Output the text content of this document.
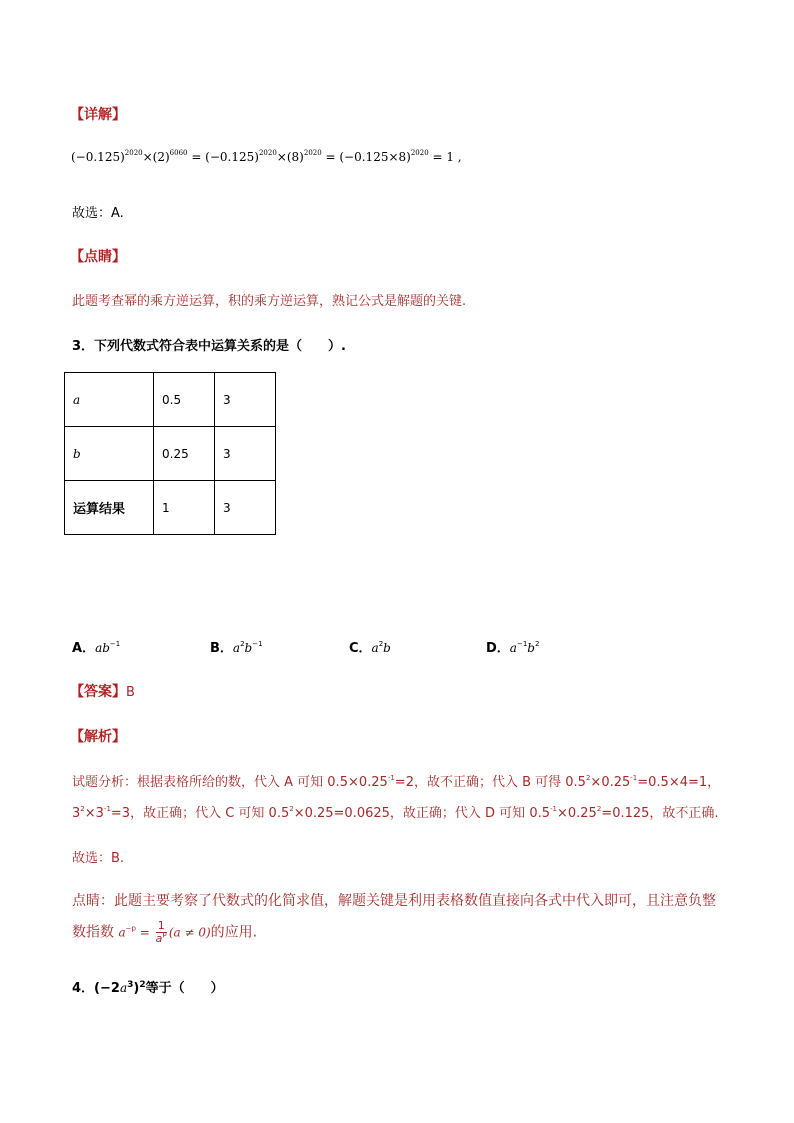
【详解】
$(-0.125)^{2020}\times(2)^{6060} = (-0.125)^{2020}\times(8)^{2020} = (-0.125\times 8)^{2020} = 1$ ,
故选：A.
【点睛】
此题考查幂的乘方逆运算，积的乘方逆运算，熟记公式是解题的关键.
3．下列代数式符合表中运算关系的是（　　）.
a	0.5	3
b	0.25	3
运算结果	1	3
A．$ab^{-1}$	B．$a^2b^{-1}$	C．$a^2b$	D．$a^{-1}b^2$
【答案】B
【解析】
试题分析：根据表格所给的数，代入 A 可知 $0.5\times 0.25^{-1}=2$，故不正确；代入 B 可得 $0.5^2\times 0.25^{-1}=0.5\times 4=1$，
$3^2\times 3^{-1}=3$，故正确；代入 C 可知 $0.5^2\times 0.25=0.0625$，故正确；代入 D 可知 $0.5^{-1}\times 0.25^2=0.125$，故不正确.
故选：B.
点睛：此题主要考察了代数式的化简求值，解题关键是利用表格数值直接向各式中代入即可，且注意负整
数指数 $a^{-p} = \frac{1}{a^p} (a \ne 0)$的应用.
4．$(-2a^3)^2$等于（　　）
